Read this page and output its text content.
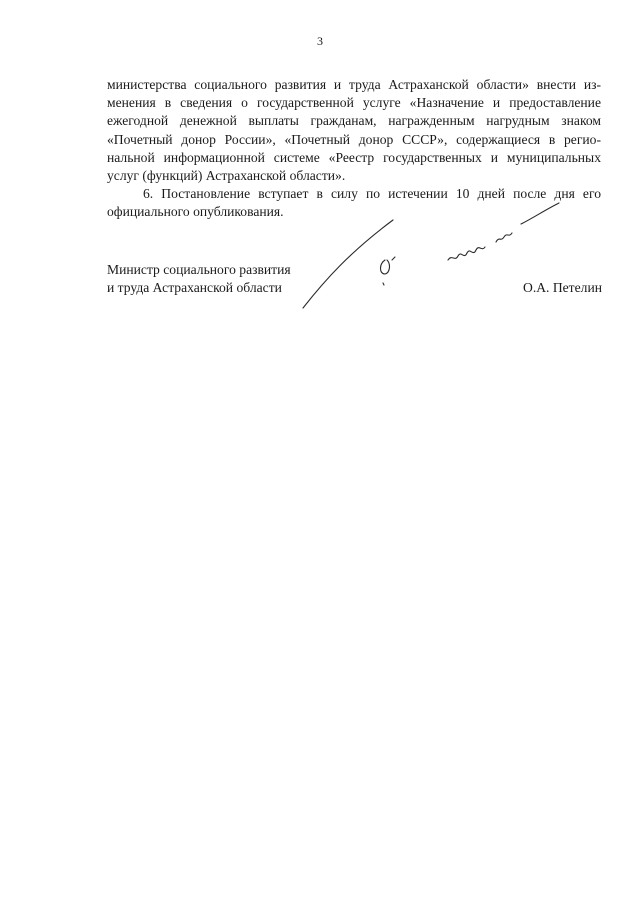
3
министерства социального развития и труда Астраханской области» внести из-
менения в сведения о государственной услуге «Назначение и предоставление
ежегодной денежной выплаты гражданам, награжденным нагрудным знаком
«Почетный донор России», «Почетный донор СССР», содержащиеся в регио-
нальной информационной системе «Реестр государственных и муниципальных
услуг (функций) Астраханской области».
6. Постановление вступает в силу по истечении 10 дней после дня его
официального опубликования.
Министр социального развития
и труда Астраханской области	О.А. Петелин
